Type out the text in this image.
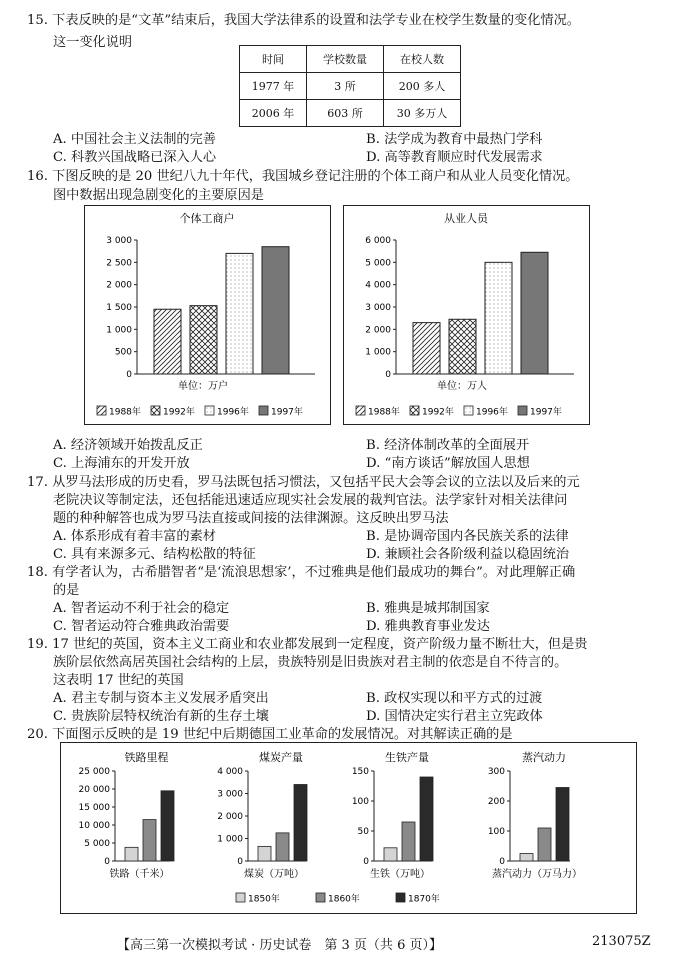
15. 下表反映的是“文革”结束后，我国大学法律系的设置和法学专业在校学生数量的变化情况。
这一变化说明
时间	学校数量	在校人数
1977 年	3 所	200 多人
2006 年	603 所	30 多万人
A. 中国社会主义法制的完善	B. 法学成为教育中最热门学科
C. 科教兴国战略已深入人心	D. 高等教育顺应时代发展需求
16. 下图反映的是 20 世纪八九十年代，我国城乡登记注册的个体工商户和从业人员变化情况。
图中数据出现急剧变化的主要原因是
个体工商户
3 000
2 500
2 000
1 500
1 000
500
0
单位：万户
1988年 1992年 1996年 1997年
从业人员
6 000
5 000
4 000
3 000
2 000
1 000
0
单位：万人
1988年 1992年 1996年 1997年
A. 经济领域开始拨乱反正	B. 经济体制改革的全面展开
C. 上海浦东的开发开放	D. “南方谈话”解放国人思想
17. 从罗马法形成的历史看，罗马法既包括习惯法，又包括平民大会等会议的立法以及后来的元
老院决议等制定法，还包括能迅速适应现实社会发展的裁判官法。法学家针对相关法律问
题的种种解答也成为罗马法直接或间接的法律渊源。这反映出罗马法
A. 体系形成有着丰富的素材	B. 是协调帝国内各民族关系的法律
C. 具有来源多元、结构松散的特征	D. 兼顾社会各阶级利益以稳固统治
18. 有学者认为，古希腊智者“是‘流浪思想家’，不过雅典是他们最成功的舞台”。对此理解正确
的是
A. 智者运动不利于社会的稳定	B. 雅典是城邦制国家
C. 智者运动符合雅典政治需要	D. 雅典教育事业发达
19. 17 世纪的英国，资本主义工商业和农业都发展到一定程度，资产阶级力量不断壮大，但是贵
族阶层依然高居英国社会结构的上层，贵族特别是旧贵族对君主制的依恋是自不待言的。
这表明 17 世纪的英国
A. 君主专制与资本主义发展矛盾突出	B. 政权实现以和平方式的过渡
C. 贵族阶层特权统治有新的生存土壤	D. 国情决定实行君主立宪政体
20. 下面图示反映的是 19 世纪中后期德国工业革命的发展情况。对其解读正确的是
铁路里程
25 000
20 000
15 000
10 000
5 000
0
铁路（千米）
煤炭产量
4 000
3 000
2 000
1 000
0
煤炭（万吨）
生铁产量
150
100
50
0
生铁（万吨）
蒸汽动力
300
200
100
0
蒸汽动力（万马力）
1850年	1860年	1870年
【高三第一次模拟考试 · 历史试卷　第 3 页（共 6 页）】	213075Z
